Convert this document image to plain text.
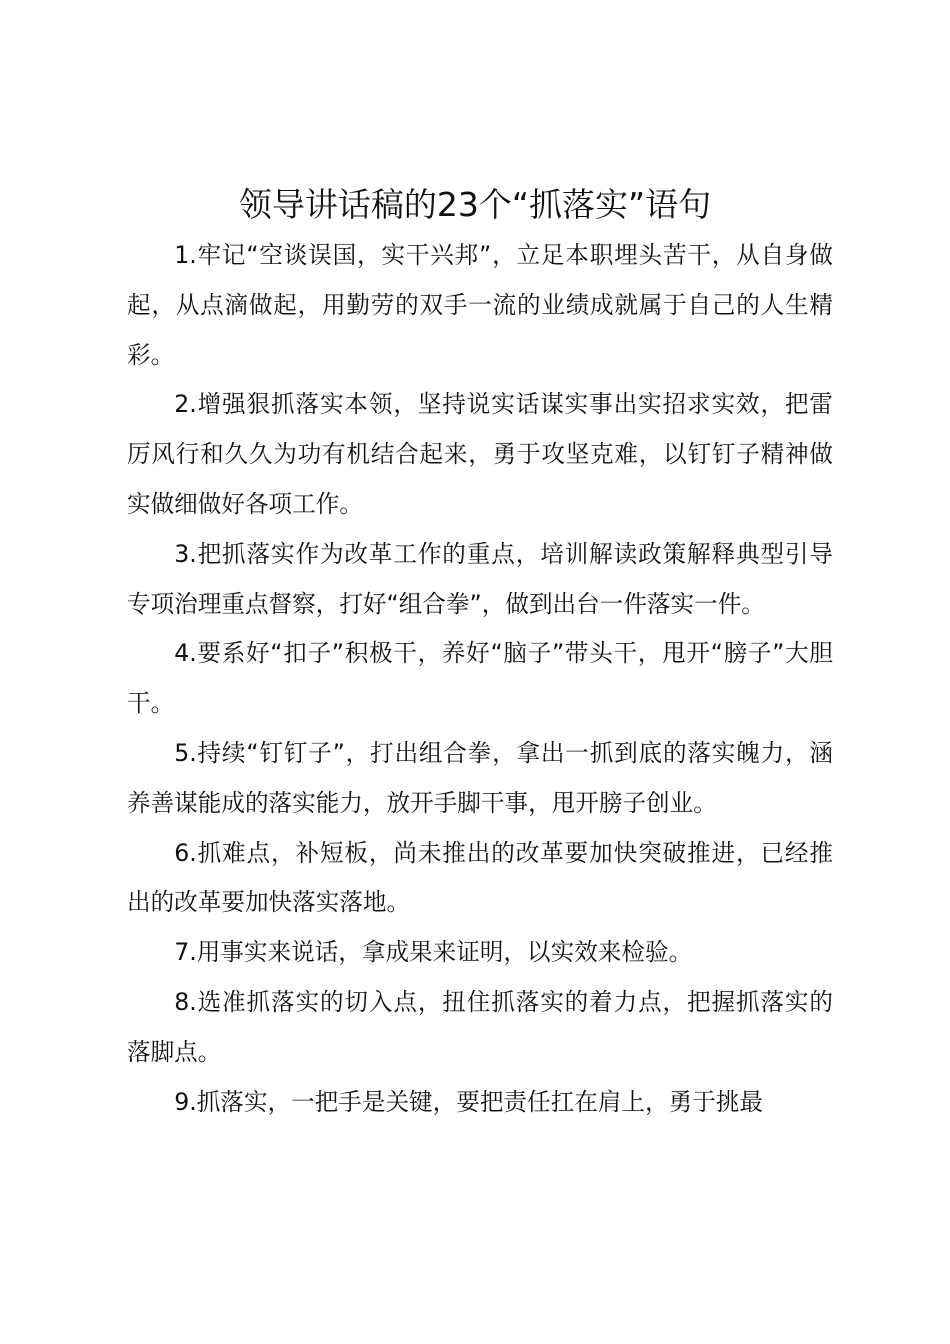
领导讲话稿的23个“抓落实”语句

1.牢记“空谈误国，实干兴邦”，立足本职埋头苦干，从自身做起，从点滴做起，用勤劳的双手一流的业绩成就属于自己的人生精彩。

2.增强狠抓落实本领，坚持说实话谋实事出实招求实效，把雷厉风行和久久为功有机结合起来，勇于攻坚克难，以钉钉子精神做实做细做好各项工作。

3.把抓落实作为改革工作的重点，培训解读政策解释典型引导专项治理重点督察，打好“组合拳”，做到出台一件落实一件。

4.要系好“扣子”积极干，养好“脑子”带头干，甩开“膀子”大胆干。

5.持续“钉钉子”，打出组合拳，拿出一抓到底的落实魄力，涵养善谋能成的落实能力，放开手脚干事，甩开膀子创业。

6.抓难点，补短板，尚未推出的改革要加快突破推进，已经推出的改革要加快落实落地。

7.用事实来说话，拿成果来证明，以实效来检验。

8.选准抓落实的切入点，扭住抓落实的着力点，把握抓落实的落脚点。

9.抓落实，一把手是关键，要把责任扛在肩上，勇于挑最
